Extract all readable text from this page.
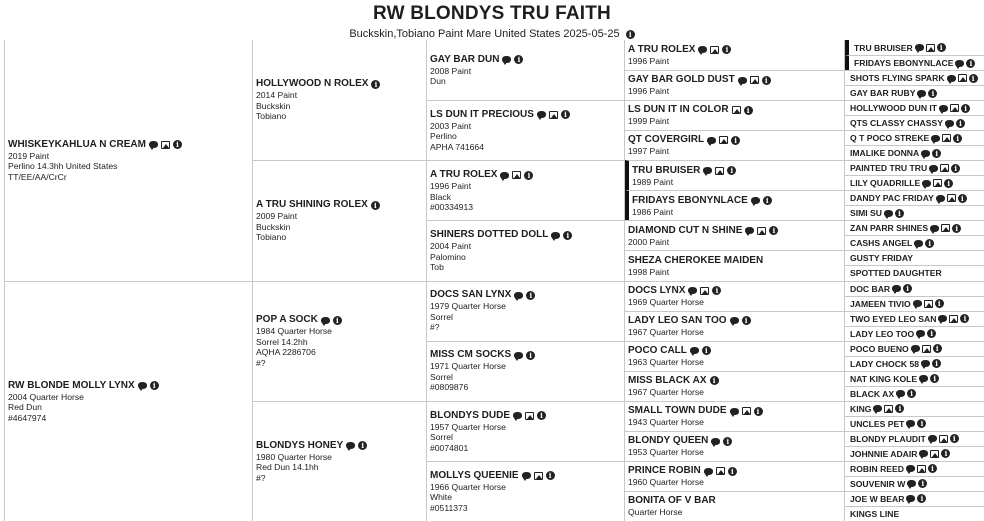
RW BLONDYS TRU FAITH
Buckskin,Tobiano Paint Mare United States 2025-05-25 i
WHISKEYKAHLUA N CREAM
i
2019 Paint
Perlino 14.3hh United States
TT/EE/AA/CrCr
RW BLONDE MOLLY LYNX
i
2004 Quarter Horse
Red Dun
#4647974
HOLLYWOOD N ROLEX
i
2014 Paint
Buckskin
Tobiano
A TRU SHINING ROLEX
i
2009 Paint
Buckskin
Tobiano
POP A SOCK
i
1984 Quarter Horse
Sorrel 14.2hh
AQHA 2286706
#?
BLONDYS HONEY
i
1980 Quarter Horse
Red Dun 14.1hh
#?
GAY BAR DUN
i
2008 Paint
Dun
LS DUN IT PRECIOUS
i
2003 Paint
Perlino
APHA 741664
A TRU ROLEX
i
1996 Paint
Black
#00334913
SHINERS DOTTED DOLL
i
2004 Paint
Palomino
Tob
DOCS SAN LYNX
i
1979 Quarter Horse
Sorrel
#?
MISS CM SOCKS
i
1971 Quarter Horse
Sorrel
#0809876
BLONDYS DUDE
i
1957 Quarter Horse
Sorrel
#0074801
MOLLYS QUEENIE
i
1966 Quarter Horse
White
#0511373
A TRU ROLEX
i
1996 Paint
GAY BAR GOLD DUST
i
1996 Paint
LS DUN IT IN COLOR
i
1999 Paint
QT COVERGIRL
i
1997 Paint
TRU BRUISER
i
1989 Paint
FRIDAYS EBONYNLACE
i
1986 Paint
DIAMOND CUT N SHINE
i
2000 Paint
SHEZA CHEROKEE MAIDEN
1998 Paint
DOCS LYNX
i
1969 Quarter Horse
LADY LEO SAN TOO
i
1967 Quarter Horse
POCO CALL
i
1963 Quarter Horse
MISS BLACK AX
i
1967 Quarter Horse
SMALL TOWN DUDE
i
1943 Quarter Horse
BLONDY QUEEN
i
1953 Quarter Horse
PRINCE ROBIN
i
1960 Quarter Horse
BONITA OF V BAR
Quarter Horse
TRU BRUISER
i
FRIDAYS EBONYNLACE
i
SHOTS FLYING SPARK
i
GAY BAR RUBY
i
HOLLYWOOD DUN IT
i
QTS CLASSY CHASSY
i
Q T POCO STREKE
i
IMALIKE DONNA
i
PAINTED TRU TRU
i
LILY QUADRILLE
i
DANDY PAC FRIDAY
i
SIMI SU
i
ZAN PARR SHINES
i
CASHS ANGEL
i
GUSTY FRIDAY
SPOTTED DAUGHTER
DOC BAR
i
JAMEEN TIVIO
i
TWO EYED LEO SAN
i
LADY LEO TOO
i
POCO BUENO
i
LADY CHOCK 58
i
NAT KING KOLE
i
BLACK AX
i
KING
i
UNCLES PET
i
BLONDY PLAUDIT
i
JOHNNIE ADAIR
i
ROBIN REED
i
SOUVENIR W
i
JOE W BEAR
i
KINGS LINE
